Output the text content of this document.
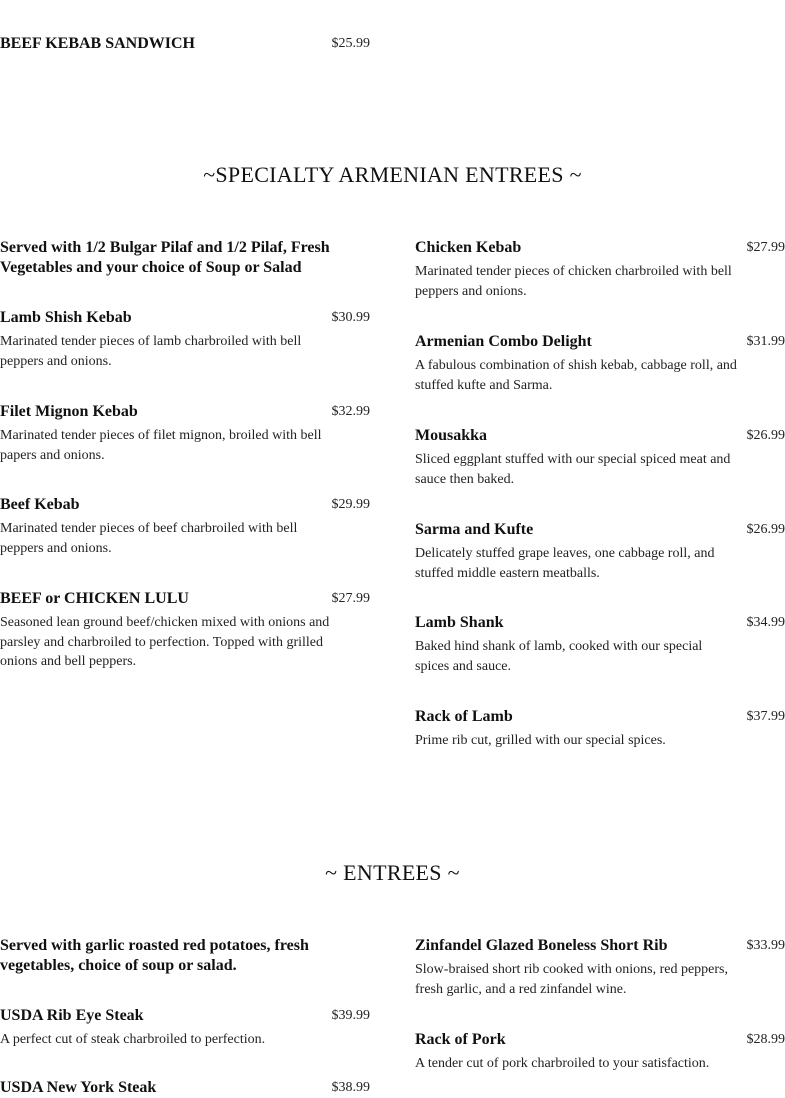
BEEF KEBAB SANDWICH	$25.99
~SPECIALTY ARMENIAN ENTREES ~
Served with 1/2 Bulgar Pilaf and 1/2 Pilaf, Fresh Vegetables and your choice of Soup or Salad
Lamb Shish Kebab	$30.99
Marinated tender pieces of lamb charbroiled with bell peppers and onions.
Filet Mignon Kebab	$32.99
Marinated tender pieces of filet mignon, broiled with bell papers and onions.
Beef Kebab	$29.99
Marinated tender pieces of beef charbroiled with bell peppers and onions.
BEEF or CHICKEN LULU	$27.99
Seasoned lean ground beef/chicken mixed with onions and parsley and charbroiled to perfection. Topped with grilled onions and bell peppers.
Chicken Kebab	$27.99
Marinated tender pieces of chicken charbroiled with bell peppers and onions.
Armenian Combo Delight	$31.99
A fabulous combination of shish kebab, cabbage roll, and stuffed kufte and Sarma.
Mousakka	$26.99
Sliced eggplant stuffed with our special spiced meat and sauce then baked.
Sarma and Kufte	$26.99
Delicately stuffed grape leaves, one cabbage roll, and stuffed middle eastern meatballs.
Lamb Shank	$34.99
Baked hind shank of lamb, cooked with our special spices and sauce.
Rack of Lamb	$37.99
Prime rib cut, grilled with our special spices.
~ ENTREES ~
Served with garlic roasted red potatoes, fresh vegetables, choice of soup or salad.
USDA Rib Eye Steak	$39.99
A perfect cut of steak charbroiled to perfection.
USDA New York Steak	$38.99
Zinfandel Glazed Boneless Short Rib	$33.99
Slow-braised short rib cooked with onions, red peppers, fresh garlic, and a red zinfandel wine.
Rack of Pork	$28.99
A tender cut of pork charbroiled to your satisfaction.
